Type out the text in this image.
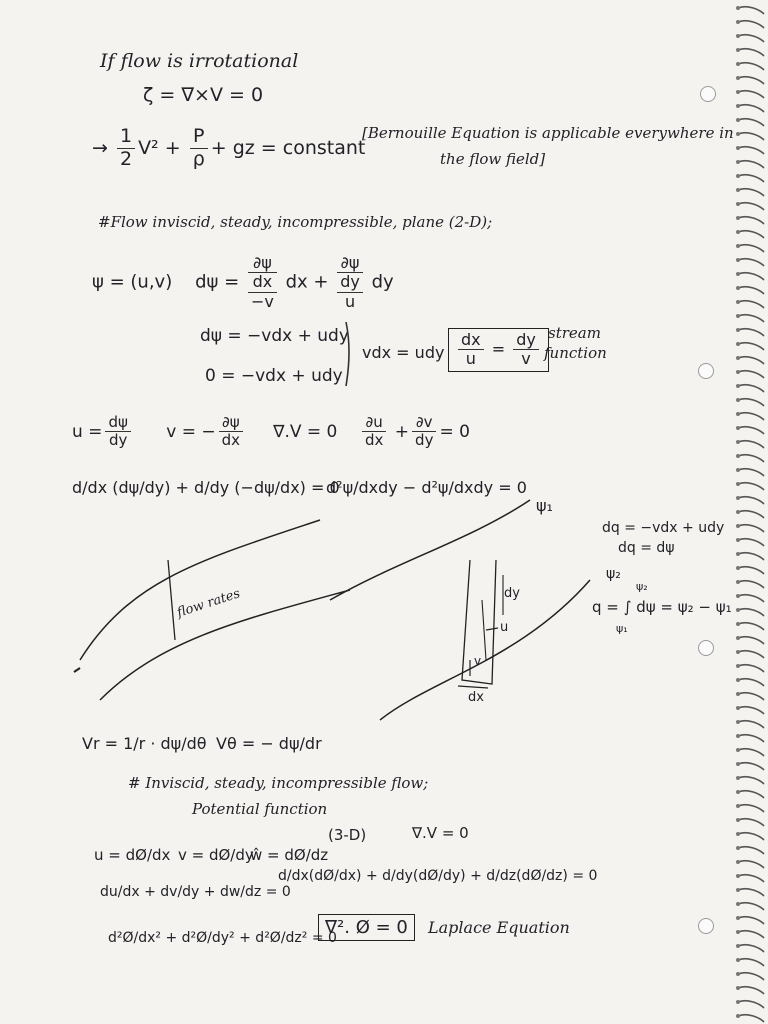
If flow is irrotational
ζ = ∇×V = 0
→ $\frac{1}{2} V^2 + \frac{P}{\rho}$ + gz = constant
[Bernouille Equation is applicable everywhere in
the flow field]
#Flow inviscid, steady, incompressible, plane (2-D);
ψ = (u,v) dψ =
∂ψ
dx
−v
dx +
∂ψ
dy
u
dy
dψ = −vdx + udy
0 = −vdx + udy
vdx = udy $\frac{dx}{u} = \frac{dy}{v}$ stream
function
$u = \frac{d\psi}{dy}$ v = − $\frac{\partial\psi}{dx} \nabla.V = 0 \frac{\partial u}{dx} + \frac{\partial v}{dy} = 0$
d/dx (dψ/dy) + d/dy (−dψ/dx) = 0
d²ψ/dxdy − d²ψ/dxdy = 0
flow rates
ψ₁
dy
u
v
dx
dq = −vdx + udy
dq = dψ
ψ₂
ψ₂
q = ∫ dψ = ψ₂ − ψ₁
ψ₁
Vr = 1/r · dψ/dθ Vθ = − dψ/dr
# Inviscid, steady, incompressible flow;
Potential function
u = dØ/dx v = dØ/dy
ŵ = dØ/dz
(3-D)	∇.V = 0
du/dx + dv/dy + dw/dz = 0
d/dx(dØ/dx) + d/dy(dØ/dy) + d/dz(dØ/dz) = 0
d²Ø/dx² + d²Ø/dy² + d²Ø/dz² = 0
∇². Ø = 0	Laplace Equation
